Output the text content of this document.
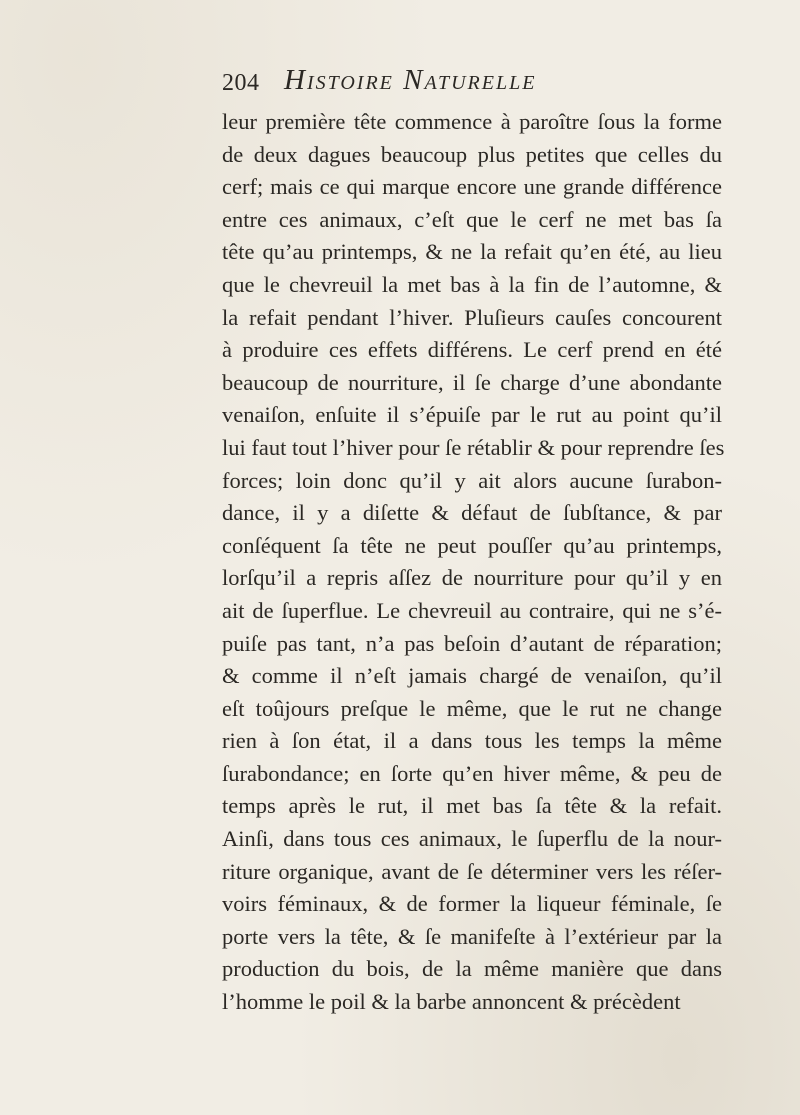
204 Histoire Naturelle
leur première tête commence à paroître ſous la forme
de deux dagues beaucoup plus petites que celles du
cerf; mais ce qui marque encore une grande différence
entre ces animaux, c’eſt que le cerf ne met bas ſa
tête qu’au printemps, & ne la refait qu’en été, au lieu
que le chevreuil la met bas à la fin de l’automne, &
la refait pendant l’hiver. Pluſieurs cauſes concourent
à produire ces effets différens. Le cerf prend en été
beaucoup de nourriture, il ſe charge d’une abondante
venaiſon, enſuite il s’épuiſe par le rut au point qu’il
lui faut tout l’hiver pour ſe rétablir & pour reprendre ſes
forces; loin donc qu’il y ait alors aucune ſurabon-
dance, il y a diſette & défaut de ſubſtance, & par
conſéquent ſa tête ne peut pouſſer qu’au printemps,
lorſqu’il a repris aſſez de nourriture pour qu’il y en
ait de ſuperflue. Le chevreuil au contraire, qui ne s’é-
puiſe pas tant, n’a pas beſoin d’autant de réparation;
& comme il n’eſt jamais chargé de venaiſon, qu’il
eſt toûjours preſque le même, que le rut ne change
rien à ſon état, il a dans tous les temps la même
ſurabondance; en ſorte qu’en hiver même, & peu de
temps après le rut, il met bas ſa tête & la refait.
Ainſi, dans tous ces animaux, le ſuperflu de la nour-
riture organique, avant de ſe déterminer vers les réſer-
voirs féminaux, & de former la liqueur féminale, ſe
porte vers la tête, & ſe manifeſte à l’extérieur par la
production du bois, de la même manière que dans
l’homme le poil & la barbe annoncent & précèdent
